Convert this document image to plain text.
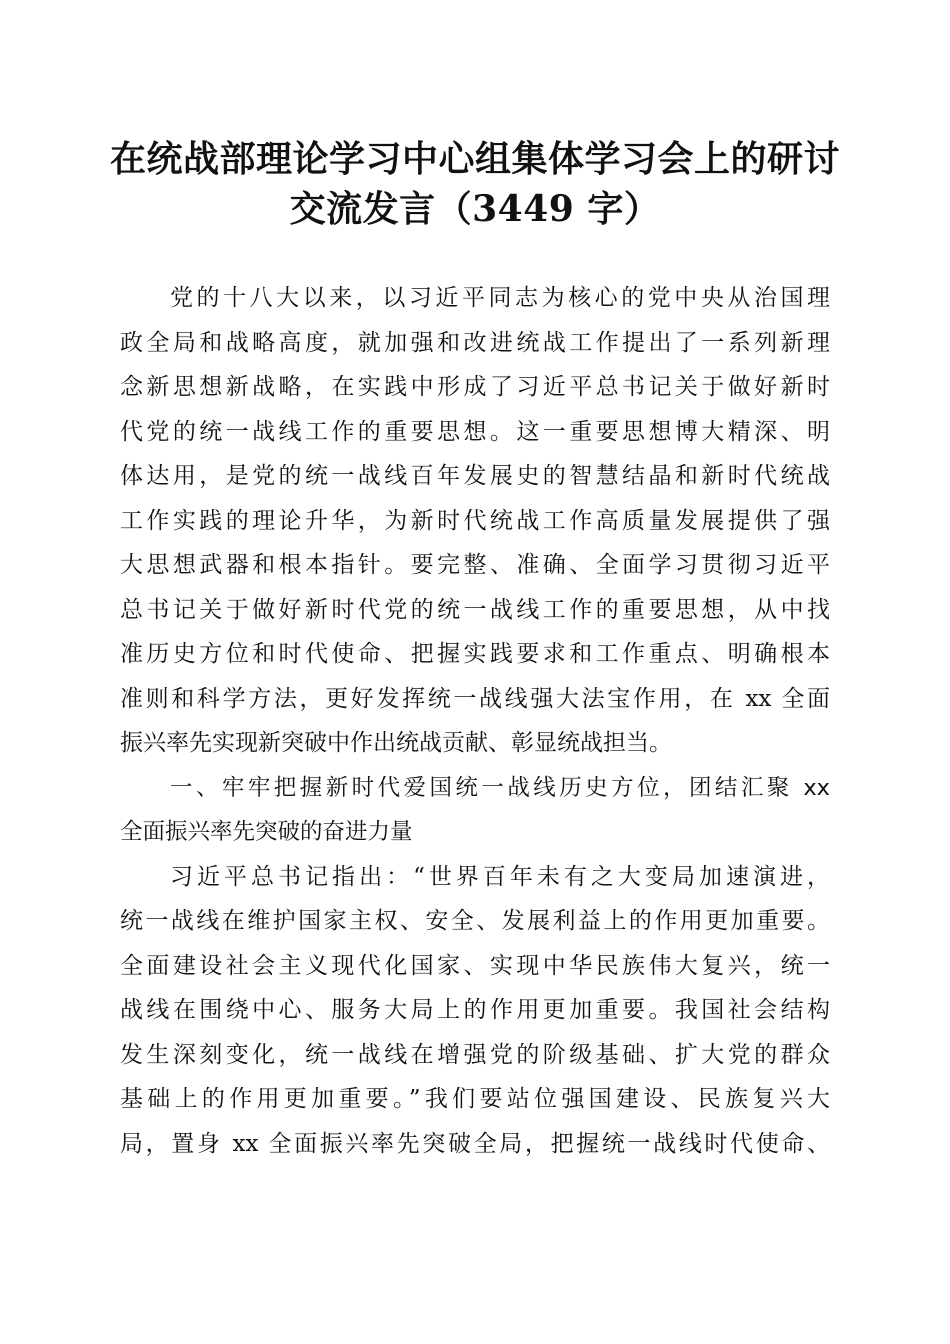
在统战部理论学习中心组集体学习会上的研讨
交流发言（3449 字）
党的十八大以来，以习近平同志为核心的党中央从治国理
政全局和战略高度，就加强和改进统战工作提出了一系列新理
念新思想新战略，在实践中形成了习近平总书记关于做好新时
代党的统一战线工作的重要思想。这一重要思想博大精深、明
体达用，是党的统一战线百年发展史的智慧结晶和新时代统战
工作实践的理论升华，为新时代统战工作高质量发展提供了强
大思想武器和根本指针。要完整、准确、全面学习贯彻习近平
总书记关于做好新时代党的统一战线工作的重要思想，从中找
准历史方位和时代使命、把握实践要求和工作重点、明确根本
准则和科学方法，更好发挥统一战线强大法宝作用，在 xx 全面
振兴率先实现新突破中作出统战贡献、彰显统战担当。
一、牢牢把握新时代爱国统一战线历史方位，团结汇聚 xx
全面振兴率先突破的奋进力量
习近平总书记指出：“世界百年未有之大变局加速演进，
统一战线在维护国家主权、安全、发展利益上的作用更加重要。
全面建设社会主义现代化国家、实现中华民族伟大复兴，统一
战线在围绕中心、服务大局上的作用更加重要。我国社会结构
发生深刻变化，统一战线在增强党的阶级基础、扩大党的群众
基础上的作用更加重要。”我们要站位强国建设、民族复兴大
局，置身 xx 全面振兴率先突破全局，把握统一战线时代使命、
